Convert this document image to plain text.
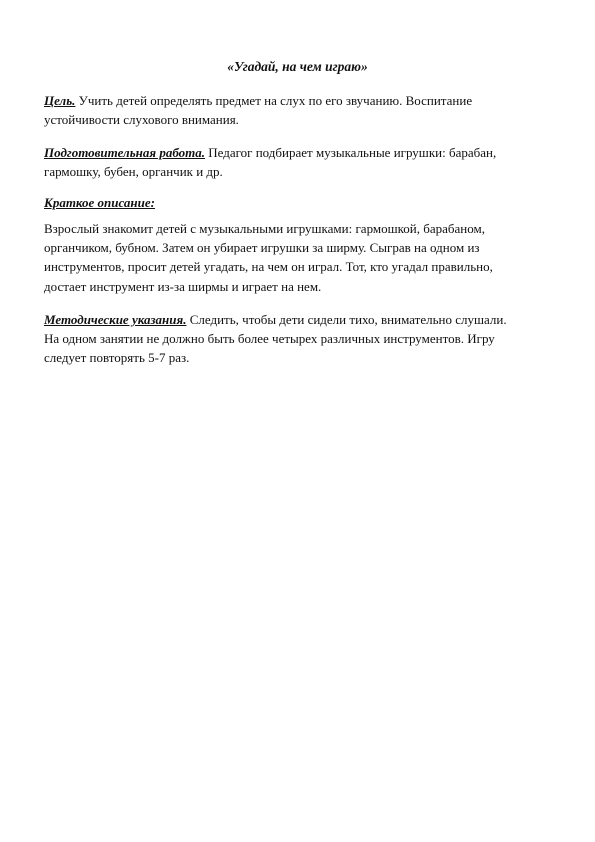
«Угадай, на чем играю»
Цель. Учить детей определять предмет на слух по его звучанию. Воспитание
устойчивости слухового внимания.
Подготовительная работа. Педагог подбирает музыкальные игрушки: барабан,
гармошку, бубен, органчик и др.
Краткое описание:
Взрослый знакомит детей с музыкальными игрушками: гармошкой, барабаном,
органчиком, бубном. Затем он убирает игрушки за ширму. Сыграв на одном из
инструментов, просит детей угадать, на чем он играл. Тот, кто угадал правильно,
достает инструмент из-за ширмы и играет на нем.
Методические указания. Следить, чтобы дети сидели тихо, внимательно слушали.
На одном занятии не должно быть более четырех различных инструментов. Игру
следует повторять 5-7 раз.
